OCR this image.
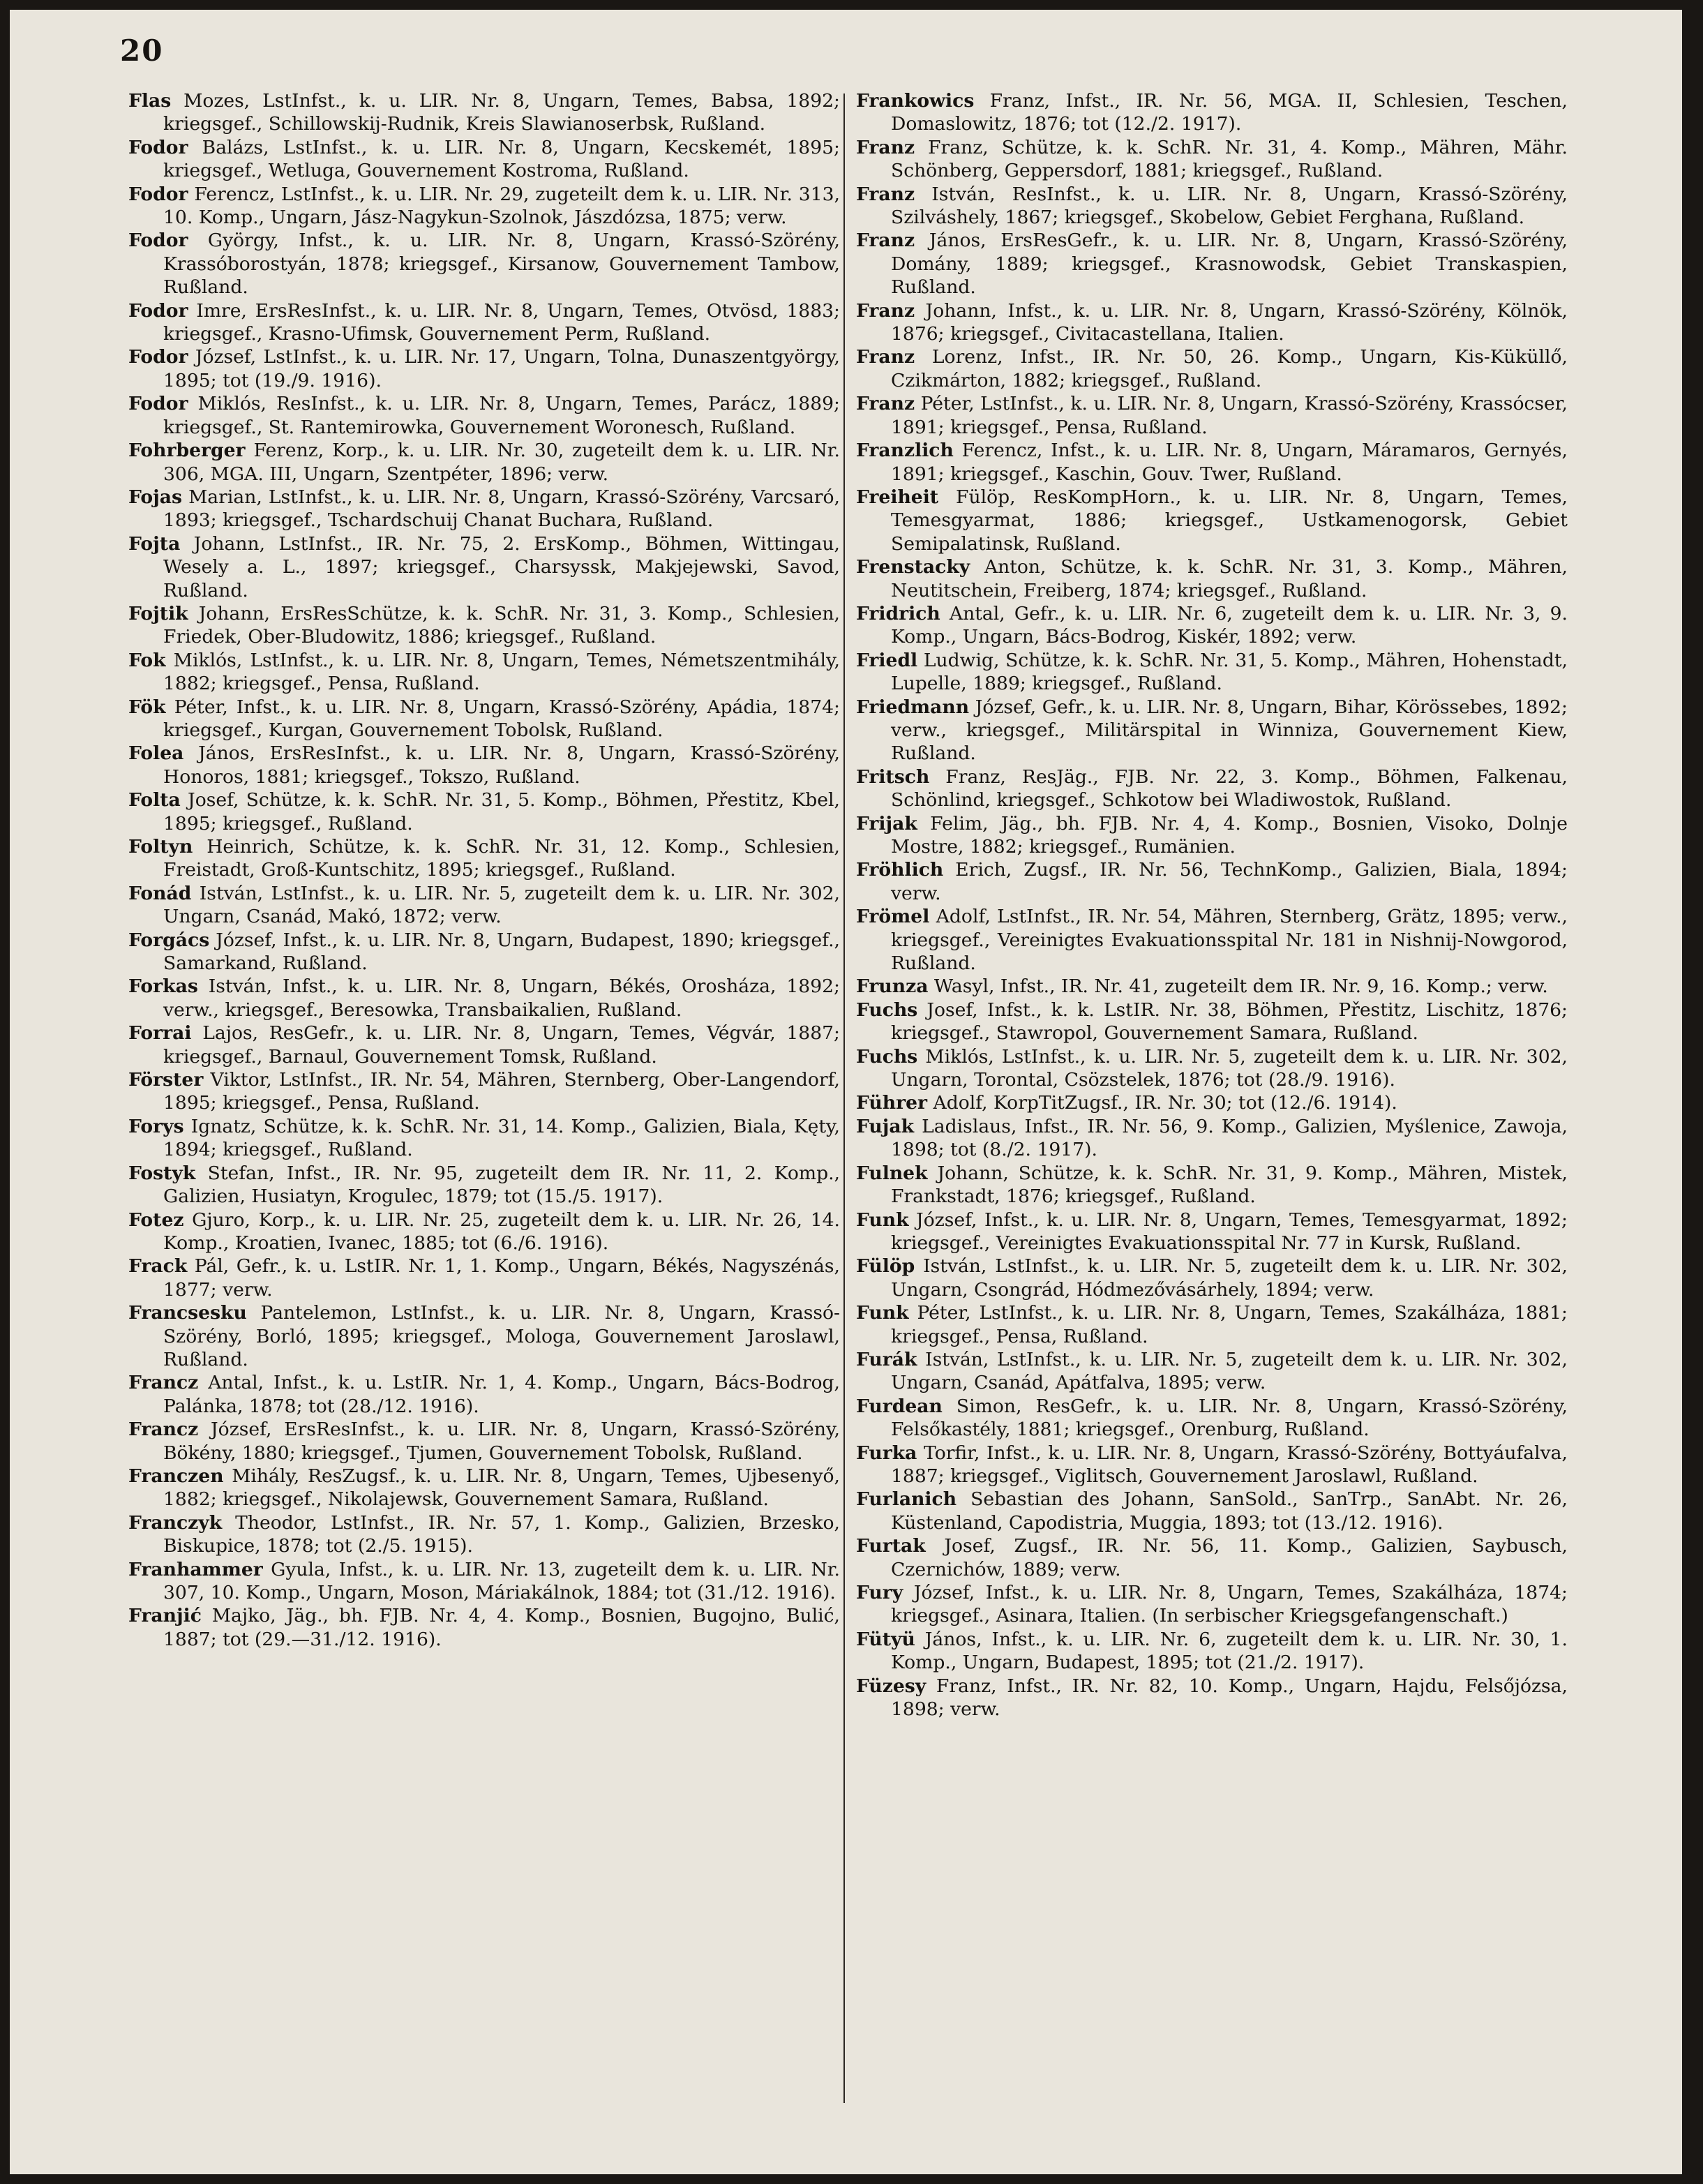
20
Flas Mozes, LstInfst., k. u. LIR. Nr. 8, Ungarn, Temes, Babsa, 1892; kriegsgef., Schillowskij-Rudnik, Kreis Slawianoserbsk, Rußland.
Fodor Balázs, LstInfst., k. u. LIR. Nr. 8, Ungarn, Kecskemét, 1895; kriegsgef., Wetluga, Gouvernement Kostroma, Rußland.
Fodor Ferencz, LstInfst., k. u. LIR. Nr. 29, zugeteilt dem k. u. LIR. Nr. 313, 10. Komp., Ungarn, Jász-Nagykun-Szolnok, Jászdózsa, 1875; verw.
Fodor György, Infst., k. u. LIR. Nr. 8, Ungarn, Krassó-Szörény, Krassóborostyán, 1878; kriegsgef., Kirsanow, Gouvernement Tambow, Rußland.
Fodor Imre, ErsResInfst., k. u. LIR. Nr. 8, Ungarn, Temes, Otvösd, 1883; kriegsgef., Krasno-Ufimsk, Gouvernement Perm, Rußland.
Fodor József, LstInfst., k. u. LIR. Nr. 17, Ungarn, Tolna, Dunaszentgyörgy, 1895; tot (19./9. 1916).
Fodor Miklós, ResInfst., k. u. LIR. Nr. 8, Ungarn, Temes, Parácz, 1889; kriegsgef., St. Rantemirowka, Gouvernement Woronesch, Rußland.
Fohrberger Ferenz, Korp., k. u. LIR. Nr. 30, zugeteilt dem k. u. LIR. Nr. 306, MGA. III, Ungarn, Szentpéter, 1896; verw.
Fojas Marian, LstInfst., k. u. LIR. Nr. 8, Ungarn, Krassó-Szörény, Varcsaró, 1893; kriegsgef., Tschardschuij Chanat Buchara, Rußland.
Fojta Johann, LstInfst., IR. Nr. 75, 2. ErsKomp., Böhmen, Wittingau, Wesely a. L., 1897; kriegsgef., Charsyssk, Makjejewski, Savod, Rußland.
Fojtik Johann, ErsResSchütze, k. k. SchR. Nr. 31, 3. Komp., Schlesien, Friedek, Ober-Bludowitz, 1886; kriegsgef., Rußland.
Fok Miklós, LstInfst., k. u. LIR. Nr. 8, Ungarn, Temes, Németszentmihály, 1882; kriegsgef., Pensa, Rußland.
Fök Péter, Infst., k. u. LIR. Nr. 8, Ungarn, Krassó-Szörény, Apádia, 1874; kriegsgef., Kurgan, Gouvernement Tobolsk, Rußland.
Folea János, ErsResInfst., k. u. LIR. Nr. 8, Ungarn, Krassó-Szörény, Honoros, 1881; kriegsgef., Tokszo, Rußland.
Folta Josef, Schütze, k. k. SchR. Nr. 31, 5. Komp., Böhmen, Přestitz, Kbel, 1895; kriegsgef., Rußland.
Foltyn Heinrich, Schütze, k. k. SchR. Nr. 31, 12. Komp., Schlesien, Freistadt, Groß-Kuntschitz, 1895; kriegsgef., Rußland.
Fonád István, LstInfst., k. u. LIR. Nr. 5, zugeteilt dem k. u. LIR. Nr. 302, Ungarn, Csanád, Makó, 1872; verw.
Forgács József, Infst., k. u. LIR. Nr. 8, Ungarn, Budapest, 1890; kriegsgef., Samarkand, Rußland.
Forkas István, Infst., k. u. LIR. Nr. 8, Ungarn, Békés, Orosháza, 1892; verw., kriegsgef., Beresowka, Transbaikalien, Rußland.
Forrai Lajos, ResGefr., k. u. LIR. Nr. 8, Ungarn, Temes, Végvár, 1887; kriegsgef., Barnaul, Gouvernement Tomsk, Rußland.
Förster Viktor, LstInfst., IR. Nr. 54, Mähren, Sternberg, Ober-Langendorf, 1895; kriegsgef., Pensa, Rußland.
Forys Ignatz, Schütze, k. k. SchR. Nr. 31, 14. Komp., Galizien, Biala, Kęty, 1894; kriegsgef., Rußland.
Fostyk Stefan, Infst., IR. Nr. 95, zugeteilt dem IR. Nr. 11, 2. Komp., Galizien, Husiatyn, Krogulec, 1879; tot (15./5. 1917).
Fotez Gjuro, Korp., k. u. LIR. Nr. 25, zugeteilt dem k. u. LIR. Nr. 26, 14. Komp., Kroatien, Ivanec, 1885; tot (6./6. 1916).
Frack Pál, Gefr., k. u. LstIR. Nr. 1, 1. Komp., Ungarn, Békés, Nagyszénás, 1877; verw.
Francsesku Pantelemon, LstInfst., k. u. LIR. Nr. 8, Ungarn, Krassó-Szörény, Borló, 1895; kriegsgef., Mologa, Gouvernement Jaroslawl, Rußland.
Francz Antal, Infst., k. u. LstIR. Nr. 1, 4. Komp., Ungarn, Bács-Bodrog, Palánka, 1878; tot (28./12. 1916).
Francz József, ErsResInfst., k. u. LIR. Nr. 8, Ungarn, Krassó-Szörény, Bökény, 1880; kriegsgef., Tjumen, Gouvernement Tobolsk, Rußland.
Franczen Mihály, ResZugsf., k. u. LIR. Nr. 8, Ungarn, Temes, Ujbesenyő, 1882; kriegsgef., Nikolajewsk, Gouvernement Samara, Rußland.
Franczyk Theodor, LstInfst., IR. Nr. 57, 1. Komp., Galizien, Brzesko, Biskupice, 1878; tot (2./5. 1915).
Franhammer Gyula, Infst., k. u. LIR. Nr. 13, zugeteilt dem k. u. LIR. Nr. 307, 10. Komp., Ungarn, Moson, Máriakálnok, 1884; tot (31./12. 1916).
Franjić Majko, Jäg., bh. FJB. Nr. 4, 4. Komp., Bosnien, Bugojno, Bulić, 1887; tot (29.—31./12. 1916).
Frankowics Franz, Infst., IR. Nr. 56, MGA. II, Schlesien, Teschen, Domaslowitz, 1876; tot (12./2. 1917).
Franz Franz, Schütze, k. k. SchR. Nr. 31, 4. Komp., Mähren, Mähr. Schönberg, Geppersdorf, 1881; kriegsgef., Rußland.
Franz István, ResInfst., k. u. LIR. Nr. 8, Ungarn, Krassó-Szörény, Szilváshely, 1867; kriegsgef., Skobelow, Gebiet Ferghana, Rußland.
Franz János, ErsResGefr., k. u. LIR. Nr. 8, Ungarn, Krassó-Szörény, Domány, 1889; kriegsgef., Krasnowodsk, Gebiet Transkaspien, Rußland.
Franz Johann, Infst., k. u. LIR. Nr. 8, Ungarn, Krassó-Szörény, Kölnök, 1876; kriegsgef., Civitacastellana, Italien.
Franz Lorenz, Infst., IR. Nr. 50, 26. Komp., Ungarn, Kis-Küküllő, Czikmárton, 1882; kriegsgef., Rußland.
Franz Péter, LstInfst., k. u. LIR. Nr. 8, Ungarn, Krassó-Szörény, Krassócser, 1891; kriegsgef., Pensa, Rußland.
Franzlich Ferencz, Infst., k. u. LIR. Nr. 8, Ungarn, Máramaros, Gernyés, 1891; kriegsgef., Kaschin, Gouv. Twer, Rußland.
Freiheit Fülöp, ResKompHorn., k. u. LIR. Nr. 8, Ungarn, Temes, Temesgyarmat, 1886; kriegsgef., Ustkamenogorsk, Gebiet Semipalatinsk, Rußland.
Frenstacky Anton, Schütze, k. k. SchR. Nr. 31, 3. Komp., Mähren, Neutitschein, Freiberg, 1874; kriegsgef., Rußland.
Fridrich Antal, Gefr., k. u. LIR. Nr. 6, zugeteilt dem k. u. LIR. Nr. 3, 9. Komp., Ungarn, Bács-Bodrog, Kiskér, 1892; verw.
Friedl Ludwig, Schütze, k. k. SchR. Nr. 31, 5. Komp., Mähren, Hohenstadt, Lupelle, 1889; kriegsgef., Rußland.
Friedmann József, Gefr., k. u. LIR. Nr. 8, Ungarn, Bihar, Körössebes, 1892; verw., kriegsgef., Militärspital in Winniza, Gouvernement Kiew, Rußland.
Fritsch Franz, ResJäg., FJB. Nr. 22, 3. Komp., Böhmen, Falkenau, Schönlind, kriegsgef., Schkotow bei Wladiwostok, Rußland.
Frijak Felim, Jäg., bh. FJB. Nr. 4, 4. Komp., Bosnien, Visoko, Dolnje Mostre, 1882; kriegsgef., Rumänien.
Fröhlich Erich, Zugsf., IR. Nr. 56, TechnKomp., Galizien, Biala, 1894; verw.
Frömel Adolf, LstInfst., IR. Nr. 54, Mähren, Sternberg, Grätz, 1895; verw., kriegsgef., Vereinigtes Evakuationsspital Nr. 181 in Nishnij-Nowgorod, Rußland.
Frunza Wasyl, Infst., IR. Nr. 41, zugeteilt dem IR. Nr. 9, 16. Komp.; verw.
Fuchs Josef, Infst., k. k. LstIR. Nr. 38, Böhmen, Přestitz, Lischitz, 1876; kriegsgef., Stawropol, Gouvernement Samara, Rußland.
Fuchs Miklós, LstInfst., k. u. LIR. Nr. 5, zugeteilt dem k. u. LIR. Nr. 302, Ungarn, Torontal, Csözstelek, 1876; tot (28./9. 1916).
Führer Adolf, KorpTitZugsf., IR. Nr. 30; tot (12./6. 1914).
Fujak Ladislaus, Infst., IR. Nr. 56, 9. Komp., Galizien, Myślenice, Zawoja, 1898; tot (8./2. 1917).
Fulnek Johann, Schütze, k. k. SchR. Nr. 31, 9. Komp., Mähren, Mistek, Frankstadt, 1876; kriegsgef., Rußland.
Funk József, Infst., k. u. LIR. Nr. 8, Ungarn, Temes, Temesgyarmat, 1892; kriegsgef., Vereinigtes Evakuationsspital Nr. 77 in Kursk, Rußland.
Fülöp István, LstInfst., k. u. LIR. Nr. 5, zugeteilt dem k. u. LIR. Nr. 302, Ungarn, Csongrád, Hódmezővásárhely, 1894; verw.
Funk Péter, LstInfst., k. u. LIR. Nr. 8, Ungarn, Temes, Szakálháza, 1881; kriegsgef., Pensa, Rußland.
Furák István, LstInfst., k. u. LIR. Nr. 5, zugeteilt dem k. u. LIR. Nr. 302, Ungarn, Csanád, Apátfalva, 1895; verw.
Furdean Simon, ResGefr., k. u. LIR. Nr. 8, Ungarn, Krassó-Szörény, Felsőkastély, 1881; kriegsgef., Orenburg, Rußland.
Furka Torfir, Infst., k. u. LIR. Nr. 8, Ungarn, Krassó-Szörény, Bottyáufalva, 1887; kriegsgef., Viglitsch, Gouvernement Jaroslawl, Rußland.
Furlanich Sebastian des Johann, SanSold., SanTrp., SanAbt. Nr. 26, Küstenland, Capodistria, Muggia, 1893; tot (13./12. 1916).
Furtak Josef, Zugsf., IR. Nr. 56, 11. Komp., Galizien, Saybusch, Czernichów, 1889; verw.
Fury József, Infst., k. u. LIR. Nr. 8, Ungarn, Temes, Szakálháza, 1874; kriegsgef., Asinara, Italien. (In serbischer Kriegsgefangenschaft.)
Fütyü János, Infst., k. u. LIR. Nr. 6, zugeteilt dem k. u. LIR. Nr. 30, 1. Komp., Ungarn, Budapest, 1895; tot (21./2. 1917).
Füzesy Franz, Infst., IR. Nr. 82, 10. Komp., Ungarn, Hajdu, Felsőjózsa, 1898; verw.
